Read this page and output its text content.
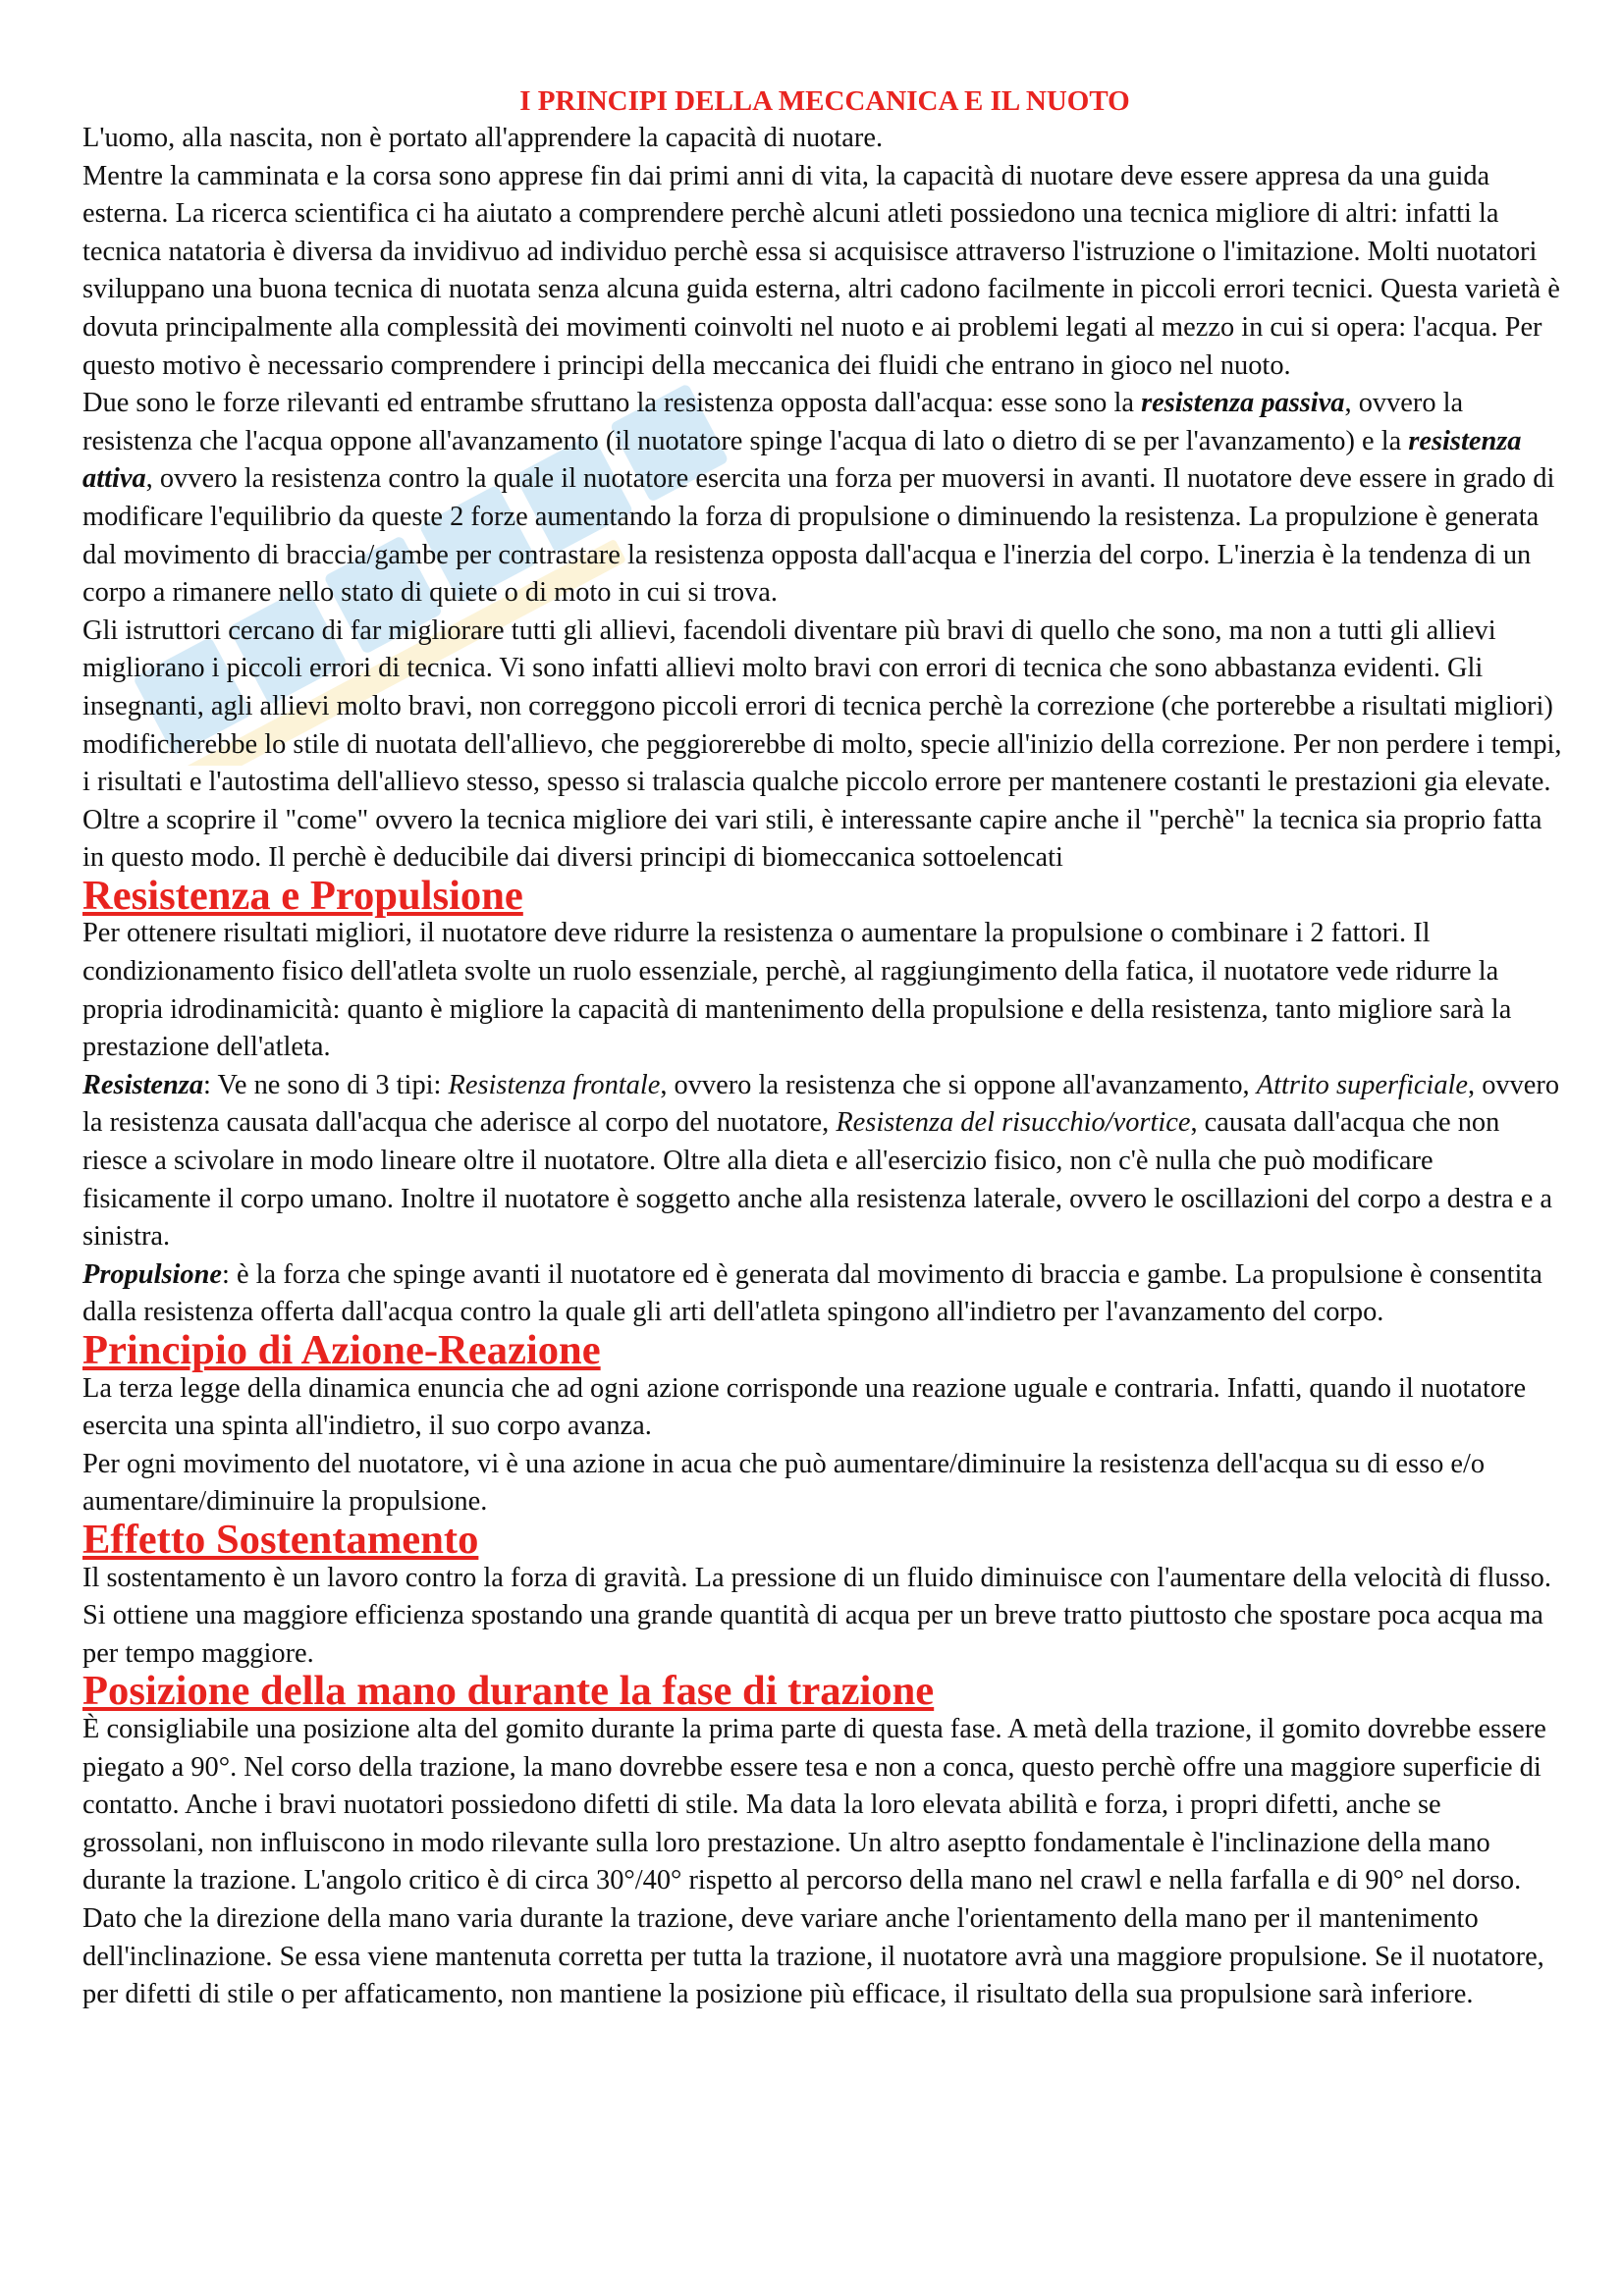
I PRINCIPI DELLA MECCANICA E IL NUOTO

L'uomo, alla nascita, non è portato all'apprendere la capacità di nuotare.

Mentre la camminata e la corsa sono apprese fin dai primi anni di vita, la capacità di nuotare deve essere appresa da una guida esterna. La ricerca scientifica ci ha aiutato a comprendere perchè alcuni atleti possiedono una tecnica migliore di altri: infatti la tecnica natatoria è diversa da invidivuo ad individuo perchè essa si acquisisce attraverso l'istruzione o l'imitazione. Molti nuotatori sviluppano una buona tecnica di nuotata senza alcuna guida esterna, altri cadono facilmente in piccoli errori tecnici. Questa varietà è dovuta principalmente alla complessità dei movimenti coinvolti nel nuoto e ai problemi legati al mezzo in cui si opera: l'acqua. Per questo motivo è necessario comprendere i principi della meccanica dei fluidi che entrano in gioco nel nuoto.

Due sono le forze rilevanti ed entrambe sfruttano la resistenza opposta dall'acqua: esse sono la resistenza passiva, ovvero la resistenza che l'acqua oppone all'avanzamento (il nuotatore spinge l'acqua di lato o dietro di se per l'avanzamento) e la resistenza attiva, ovvero la resistenza contro la quale il nuotatore esercita una forza per muoversi in avanti. Il nuotatore deve essere in grado di modificare l'equilibrio da queste 2 forze aumentando la forza di propulsione o diminuendo la resistenza. La propulzione è generata dal movimento di braccia/gambe per contrastare la resistenza opposta dall'acqua e l'inerzia del corpo. L'inerzia è la tendenza di un corpo a rimanere nello stato di quiete o di moto in cui si trova.

Gli istruttori cercano di far migliorare tutti gli allievi, facendoli diventare più bravi di quello che sono, ma non a tutti gli allievi migliorano i piccoli errori di tecnica. Vi sono infatti allievi molto bravi con errori di tecnica che sono abbastanza evidenti. Gli insegnanti, agli allievi molto bravi, non correggono piccoli errori di tecnica perchè la correzione (che porterebbe a risultati migliori) modificherebbe lo stile di nuotata dell'allievo, che peggiorerebbe di molto, specie all'inizio della correzione. Per non perdere i tempi, i risultati e l'autostima dell'allievo stesso, spesso si tralascia qualche piccolo errore per mantenere costanti le prestazioni gia elevate.

Oltre a scoprire il "come" ovvero la tecnica migliore dei vari stili, è interessante capire anche il "perchè" la tecnica sia proprio fatta in questo modo. Il perchè è deducibile dai diversi principi di biomeccanica sottoelencati

Resistenza e Propulsione

Per ottenere risultati migliori, il nuotatore deve ridurre la resistenza o aumentare la propulsione o combinare i 2 fattori. Il condizionamento fisico dell'atleta svolte un ruolo essenziale, perchè, al raggiungimento della fatica, il nuotatore vede ridurre la propria idrodinamicità: quanto è migliore la capacità di mantenimento della propulsione e della resistenza, tanto migliore sarà la prestazione dell'atleta.

Resistenza: Ve ne sono di 3 tipi: Resistenza frontale, ovvero la resistenza che si oppone all'avanzamento, Attrito superficiale, ovvero la resistenza causata dall'acqua che aderisce al corpo del nuotatore, Resistenza del risucchio/vortice, causata dall'acqua che non riesce a scivolare in modo lineare oltre il nuotatore. Oltre alla dieta e all'esercizio fisico, non c'è nulla che può modificare fisicamente il corpo umano. Inoltre il nuotatore è soggetto anche alla resistenza laterale, ovvero le oscillazioni del corpo a destra e a sinistra.

Propulsione: è la forza che spinge avanti il nuotatore ed è generata dal movimento di braccia e gambe. La propulsione è consentita dalla resistenza offerta dall'acqua contro la quale gli arti dell'atleta spingono all'indietro per l'avanzamento del corpo.

Principio di Azione-Reazione

La terza legge della dinamica enuncia che ad ogni azione corrisponde una reazione uguale e contraria. Infatti, quando il nuotatore esercita una spinta all'indietro, il suo corpo avanza.

Per ogni movimento del nuotatore, vi è una azione in acua che può aumentare/diminuire la resistenza dell'acqua su di esso e/o aumentare/diminuire la propulsione.

Effetto Sostentamento

Il sostentamento è un lavoro contro la forza di gravità. La pressione di un fluido diminuisce con l'aumentare della velocità di flusso. Si ottiene una maggiore efficienza spostando una grande quantità di acqua per un breve tratto piuttosto che spostare poca acqua ma per tempo maggiore.

Posizione della mano durante la fase di trazione

È consigliabile una posizione alta del gomito durante la prima parte di questa fase. A metà della trazione, il gomito dovrebbe essere piegato a 90°. Nel corso della trazione, la mano dovrebbe essere tesa e non a conca, questo perchè offre una maggiore superficie di contatto. Anche i bravi nuotatori possiedono difetti di stile. Ma data la loro elevata abilità e forza, i propri difetti, anche se grossolani, non influiscono in modo rilevante sulla loro prestazione. Un altro aseptto fondamentale è l'inclinazione della mano durante la trazione. L'angolo critico è di circa 30°/40° rispetto al percorso della mano nel crawl e nella farfalla e di 90° nel dorso. Dato che la direzione della mano varia durante la trazione, deve variare anche l'orientamento della mano per il mantenimento dell'inclinazione. Se essa viene mantenuta corretta per tutta la trazione, il nuotatore avrà una maggiore propulsione. Se il nuotatore, per difetti di stile o per affaticamento, non mantiene la posizione più efficace, il risultato della sua propulsione sarà inferiore.
